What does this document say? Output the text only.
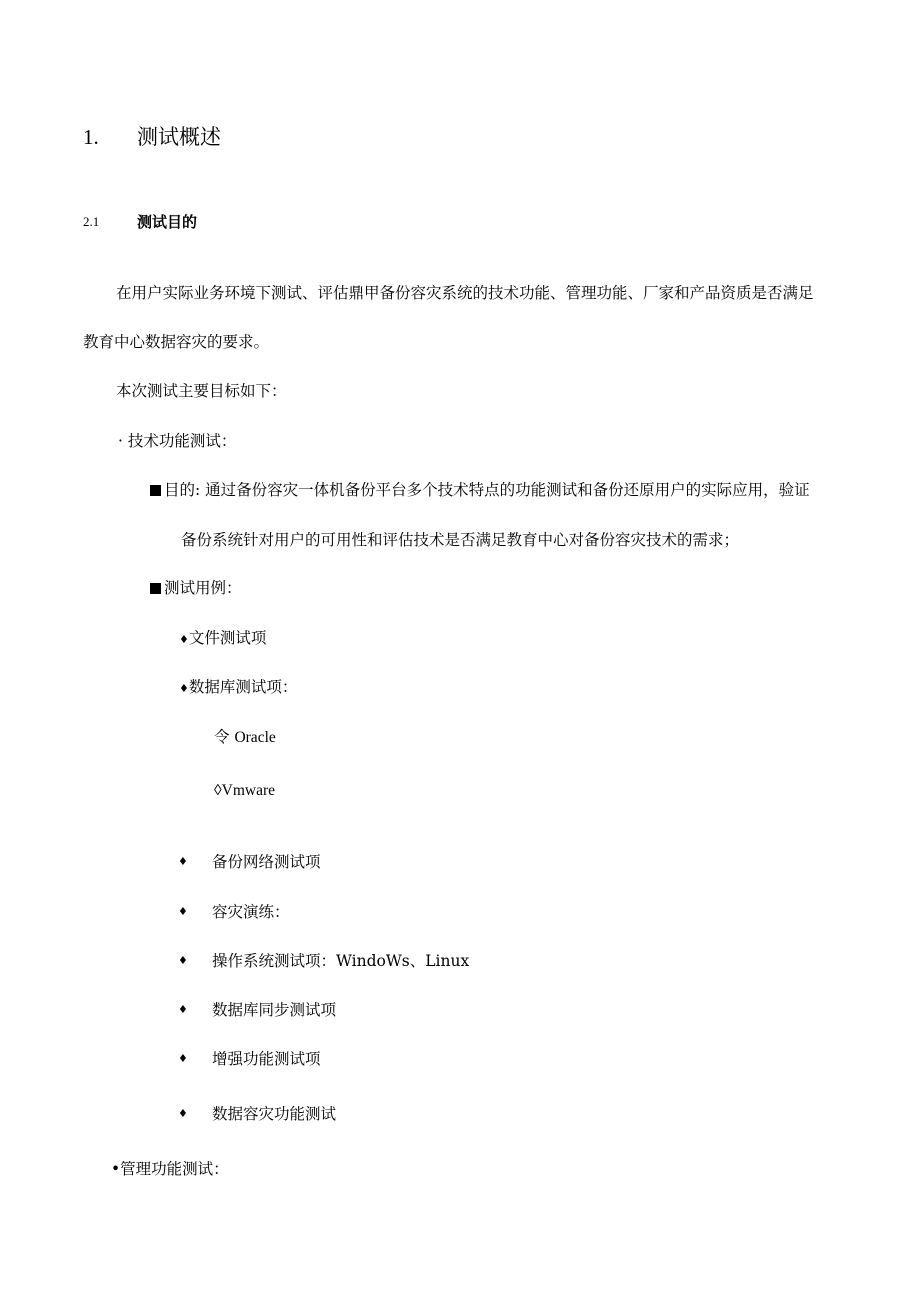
1. 测试概述
2.1	测试目的
在用户实际业务环境下测试、评估鼎甲备份容灾系统的技术功能、管理功能、厂家和产品资质是否满足
教育中心数据容灾的要求。
本次测试主要目标如下：
· 技术功能测试：
目的: 通过备份容灾一体机备份平台多个技术特点的功能测试和备份还原用户的实际应用，验证
备份系统针对用户的可用性和评估技术是否满足教育中心对备份容灾技术的需求；
测试用例：
♦文件测试项
♦数据库测试项：
令 Oracle
◊Vmware
♦ 备份网络测试项
♦ 容灾演练：
♦ 操作系统测试项：WindoWs、Linux
♦ 数据库同步测试项
♦ 增强功能测试项
♦ 数据容灾功能测试
•管理功能测试：
